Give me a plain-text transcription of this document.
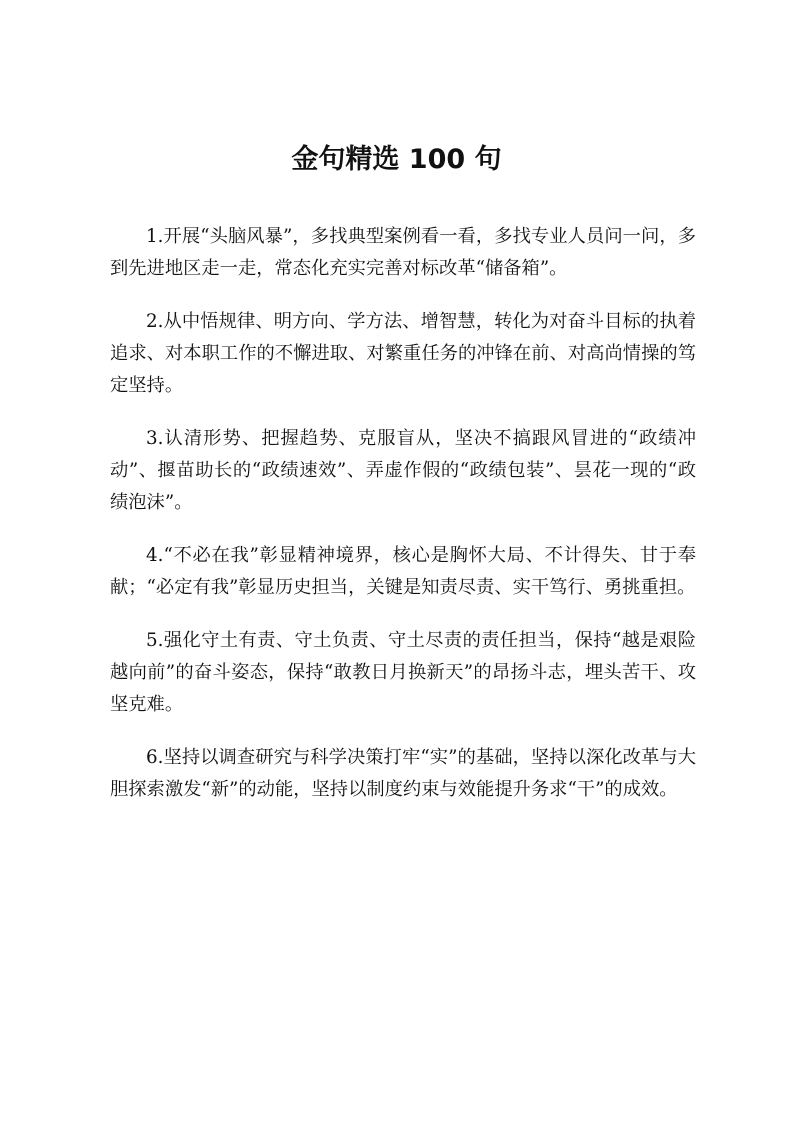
金句精选 100 句

1.开展“头脑风暴”，多找典型案例看一看，多找专业人员问一问，多到先进地区走一走，常态化充实完善对标改革“储备箱”。

2.从中悟规律、明方向、学方法、增智慧，转化为对奋斗目标的执着追求、对本职工作的不懈进取、对繁重任务的冲锋在前、对高尚情操的笃定坚持。

3.认清形势、把握趋势、克服盲从，坚决不搞跟风冒进的“政绩冲动”、揠苗助长的“政绩速效”、弄虚作假的“政绩包装”、昙花一现的“政绩泡沫”。

4.“不必在我”彰显精神境界，核心是胸怀大局、不计得失、甘于奉献；“必定有我”彰显历史担当，关键是知责尽责、实干笃行、勇挑重担。

5.强化守土有责、守土负责、守土尽责的责任担当，保持“越是艰险越向前”的奋斗姿态，保持“敢教日月换新天”的昂扬斗志，埋头苦干、攻坚克难。

6.坚持以调查研究与科学决策打牢“实”的基础，坚持以深化改革与大胆探索激发“新”的动能，坚持以制度约束与效能提升务求“干”的成效。
